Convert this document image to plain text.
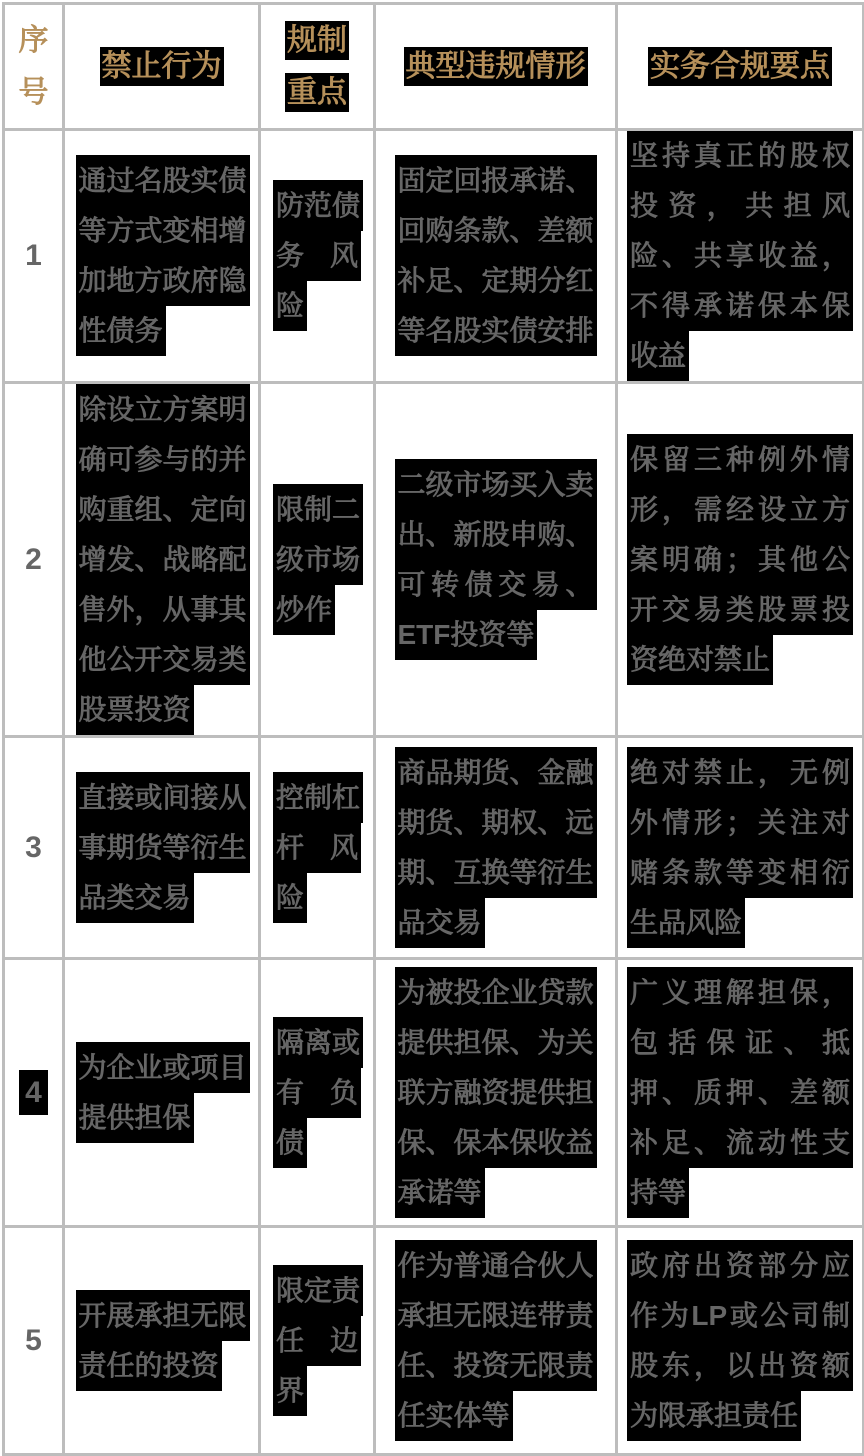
序号	禁止行为	规制重点	典型违规情形	实务合规要点
1	通过名股实债等方式变相增加地方政府隐性债务	防范债务风险	固定回报承诺、回购条款、差额补足、定期分红等名股实债安排	坚持真正的股权投资，共担风险、共享收益，不得承诺保本保收益

2	除设立方案明确可参与的并购重组、定向增发、战略配售外，从事其他公开交易类股票投资	限制二级市场炒作	二级市场买入卖出、新股申购、可转债交易、ETF投资等	保留三种例外情形，需经设立方案明确；其他公开交易类股票投资绝对禁止

3	直接或间接从事期货等衍生品类交易	控制杠杆风险	商品期货、金融期货、期权、远期、互换等衍生品交易	绝对禁止，无例外情形；关注对赌条款等变相衍生品风险

4	为企业或项目提供担保	隔离或有负债	为被投企业贷款提供担保、为关联方融资提供担保、保本保收益承诺等	广义理解担保，包括保证、抵押、质押、差额补足、流动性支持等

5	开展承担无限责任的投资	限定责任边界	作为普通合伙人承担无限连带责任、投资无限责任实体等	政府出资部分应作为LP或公司制股东，以出资额为限承担责任
